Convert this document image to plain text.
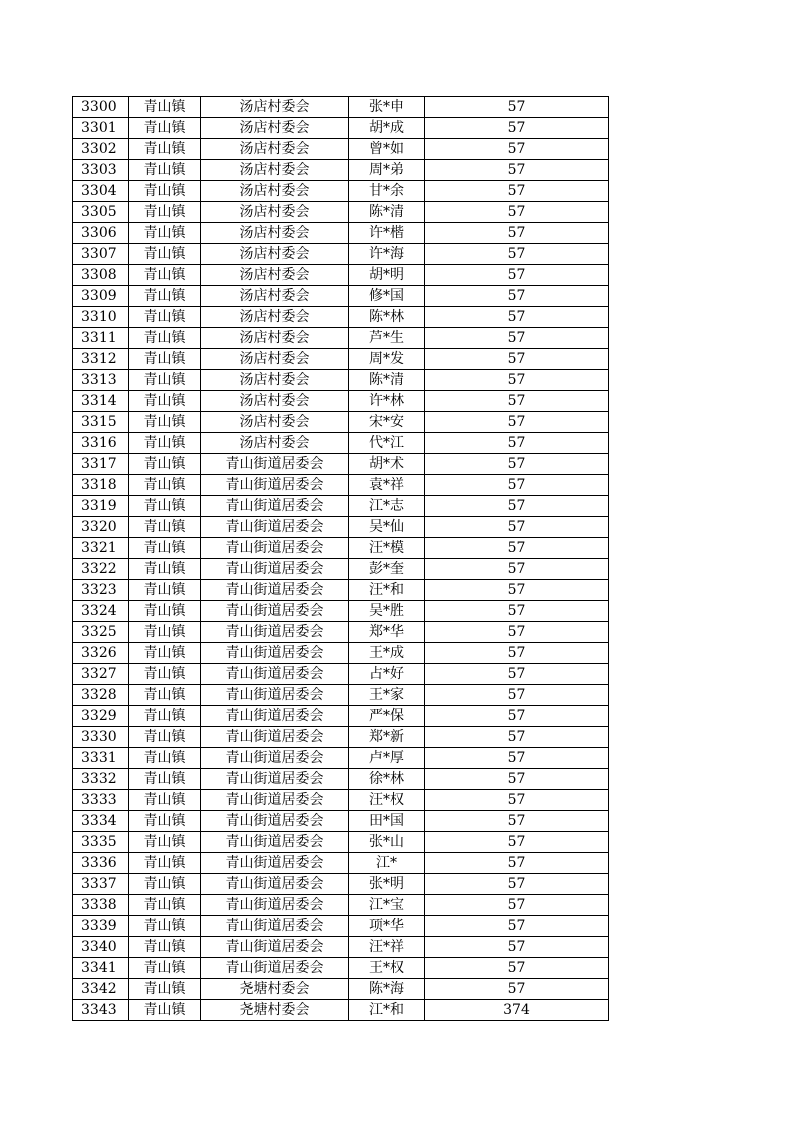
3300	青山镇	汤店村委会	张*申	57
3301	青山镇	汤店村委会	胡*成	57
3302	青山镇	汤店村委会	曾*如	57
3303	青山镇	汤店村委会	周*弟	57
3304	青山镇	汤店村委会	甘*余	57
3305	青山镇	汤店村委会	陈*清	57
3306	青山镇	汤店村委会	许*楷	57
3307	青山镇	汤店村委会	许*海	57
3308	青山镇	汤店村委会	胡*明	57
3309	青山镇	汤店村委会	修*国	57
3310	青山镇	汤店村委会	陈*林	57
3311	青山镇	汤店村委会	芦*生	57
3312	青山镇	汤店村委会	周*发	57
3313	青山镇	汤店村委会	陈*清	57
3314	青山镇	汤店村委会	许*林	57
3315	青山镇	汤店村委会	宋*安	57
3316	青山镇	汤店村委会	代*江	57
3317	青山镇	青山街道居委会	胡*术	57
3318	青山镇	青山街道居委会	袁*祥	57
3319	青山镇	青山街道居委会	江*志	57
3320	青山镇	青山街道居委会	吴*仙	57
3321	青山镇	青山街道居委会	汪*模	57
3322	青山镇	青山街道居委会	彭*奎	57
3323	青山镇	青山街道居委会	汪*和	57
3324	青山镇	青山街道居委会	吴*胜	57
3325	青山镇	青山街道居委会	郑*华	57
3326	青山镇	青山街道居委会	王*成	57
3327	青山镇	青山街道居委会	占*好	57
3328	青山镇	青山街道居委会	王*家	57
3329	青山镇	青山街道居委会	严*保	57
3330	青山镇	青山街道居委会	郑*新	57
3331	青山镇	青山街道居委会	卢*厚	57
3332	青山镇	青山街道居委会	徐*林	57
3333	青山镇	青山街道居委会	汪*权	57
3334	青山镇	青山街道居委会	田*国	57
3335	青山镇	青山街道居委会	张*山	57
3336	青山镇	青山街道居委会	江*	57
3337	青山镇	青山街道居委会	张*明	57
3338	青山镇	青山街道居委会	江*宝	57
3339	青山镇	青山街道居委会	项*华	57
3340	青山镇	青山街道居委会	汪*祥	57
3341	青山镇	青山街道居委会	王*权	57
3342	青山镇	尧塘村委会	陈*海	57
3343	青山镇	尧塘村委会	江*和	374
